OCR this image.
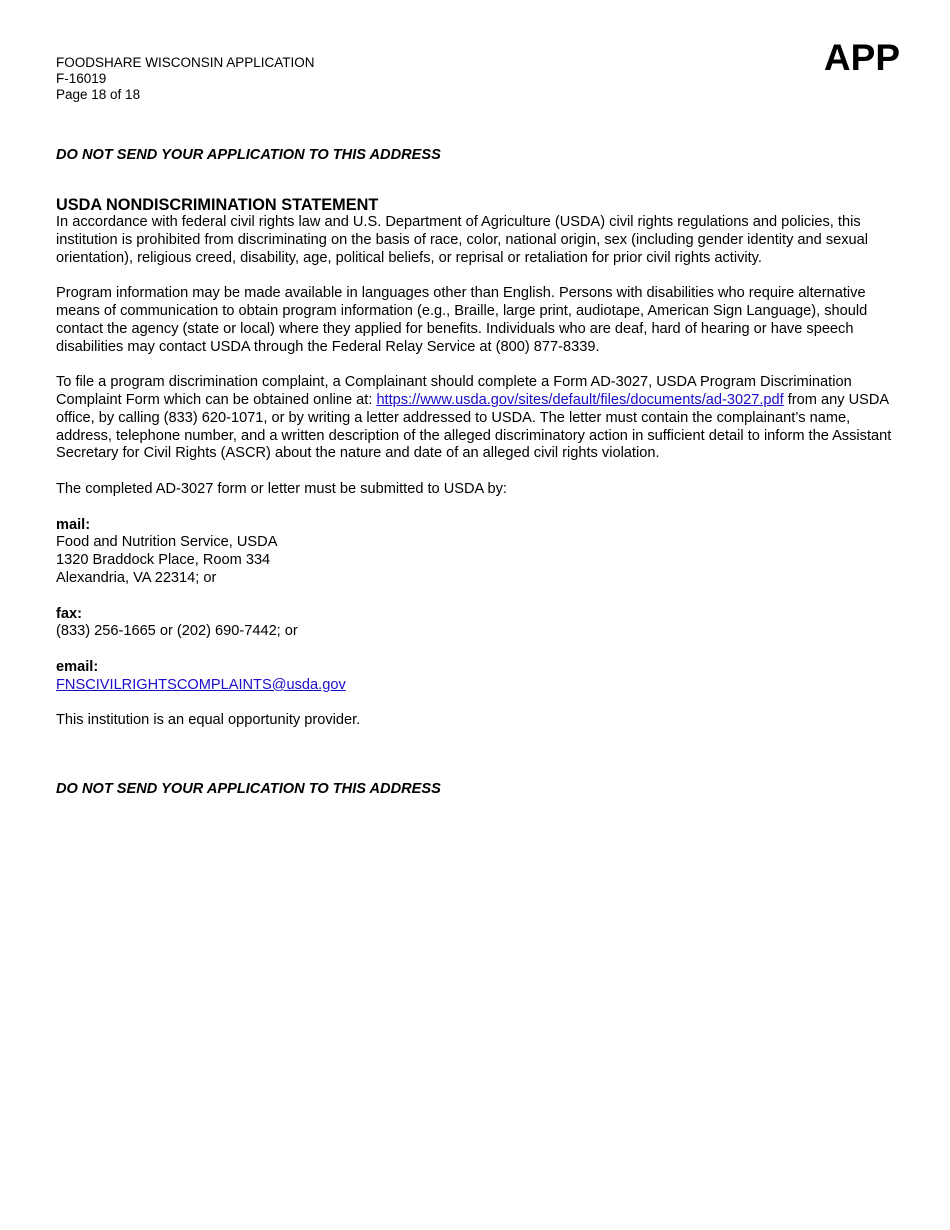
FOODSHARE WISCONSIN APPLICATION
F-16019
Page 18 of 18
APP
DO NOT SEND YOUR APPLICATION TO THIS ADDRESS
USDA NONDISCRIMINATION STATEMENT

In accordance with federal civil rights law and U.S. Department of Agriculture (USDA) civil rights regulations and policies, this institution is prohibited from discriminating on the basis of race, color, national origin, sex (including gender identity and sexual orientation), religious creed, disability, age, political beliefs, or reprisal or retaliation for prior civil rights activity.

Program information may be made available in languages other than English. Persons with disabilities who require alternative means of communication to obtain program information (e.g., Braille, large print, audiotape, American Sign Language), should contact the agency (state or local) where they applied for benefits. Individuals who are deaf, hard of hearing or have speech disabilities may contact USDA through the Federal Relay Service at (800) 877-8339.

To file a program discrimination complaint, a Complainant should complete a Form AD-3027, USDA Program Discrimination Complaint Form which can be obtained online at: https://www.usda.gov/sites/default/files/documents/ad-3027.pdf from any USDA office, by calling (833) 620-1071, or by writing a letter addressed to USDA. The letter must contain the complainant’s name, address, telephone number, and a written description of the alleged discriminatory action in sufficient detail to inform the Assistant Secretary for Civil Rights (ASCR) about the nature and date of an alleged civil rights violation.

The completed AD-3027 form or letter must be submitted to USDA by:

mail:
Food and Nutrition Service, USDA
1320 Braddock Place, Room 334
Alexandria, VA 22314; or

fax:
(833) 256-1665 or (202) 690-7442; or

email:
FNSCIVILRIGHTSCOMPLAINTS@usda.gov

This institution is an equal opportunity provider.

DO NOT SEND YOUR APPLICATION TO THIS ADDRESS
